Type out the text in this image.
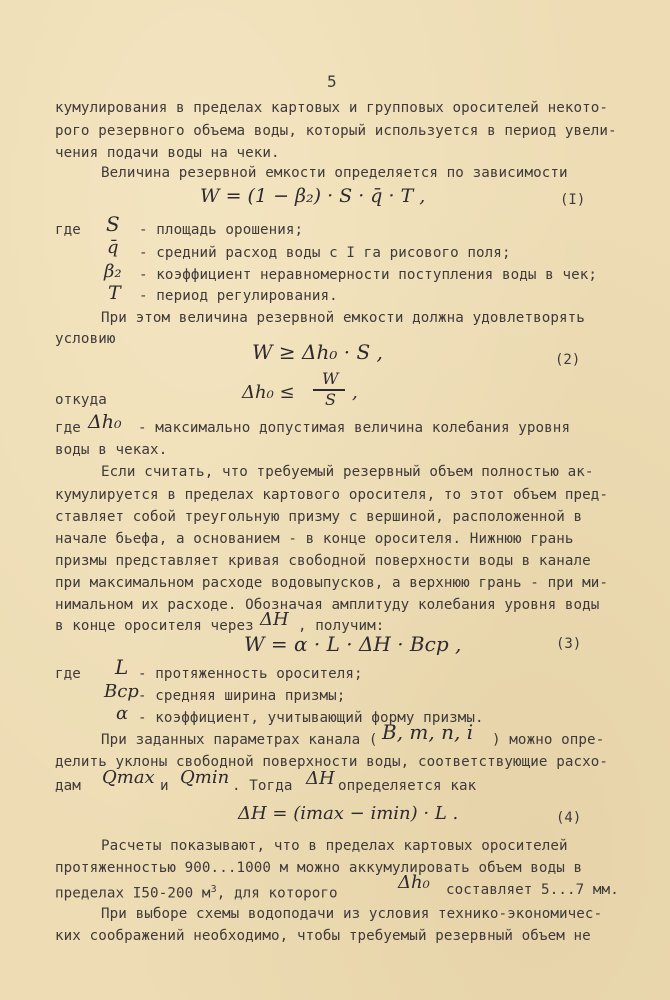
5
кумулирования в пределах картовых и групповых оросителей некото-
рого резервного объема воды, который используется в период увели-
чения подачи воды на чеки.
Величина резервной емкости определяется по зависимости
W = (1 − β₂) · S · q̄ · T ,	(I)
где S - площадь орошения;
q̄ - средний расход воды с I га рисового поля;
β₂ - коэффициент неравномерности поступления воды в чек;
T - период регулирования.
При этом величина резервной емкости должна удовлетворять
условию
W ≥ Δh₀ · S ,	(2)
откуда	Δh₀ ≤
W
S ,
где Δh₀ - максимально допустимая величина колебания уровня
воды в чеках.
Если считать, что требуемый резервный объем полностью ак-
кумулируется в пределах картового оросителя, то этот объем пред-
ставляет собой треугольную призму с вершиной, расположенной в
начале бьефа, а основанием - в конце оросителя. Нижнюю грань
призмы представляет кривая свободной поверхности воды в канале
при максимальном расходе водовыпусков, а верхнюю грань - при ми-
нимальном их расходе. Обозначая амплитуду колебания уровня воды
в конце оросителя через ΔH , получим:
W = α · L · ΔH · Bср ,	(3)
где L - протяженность оросителя;
Bср - средняя ширина призмы;
α - коэффициент, учитывающий форму призмы.
При заданных параметрах канала ( B, m, n, i ) можно опре-
делить уклоны свободной поверхности воды, соответствующие расхо-
дам Qmax и Qmin . Тогда ΔH определяется как
ΔH = (imax − imin) · L .	(4)
Расчеты показывают, что в пределах картовых оросителей
протяженностью 900...1000 м можно аккумулировать объем воды в
пределах I50-200 $м^3$, для которого
Δh₀ составляет 5...7 мм.
При выборе схемы водоподачи из условия технико-экономичес-
ких соображений необходимо, чтобы требуемый резервный объем не
